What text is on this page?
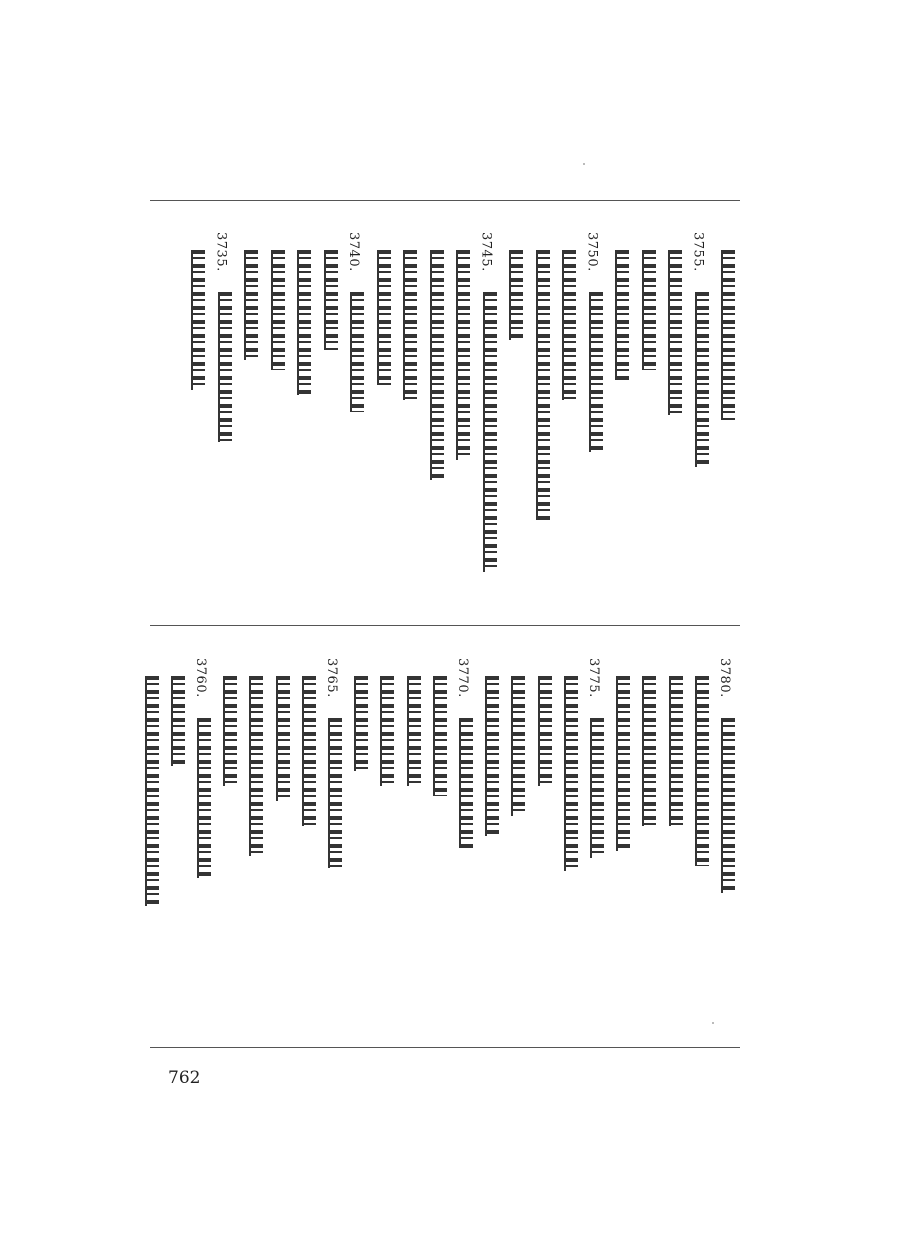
3755.
3750.
3745.
3740.
3735.
3780.
3775.
3770.
3765.
3760.
762
